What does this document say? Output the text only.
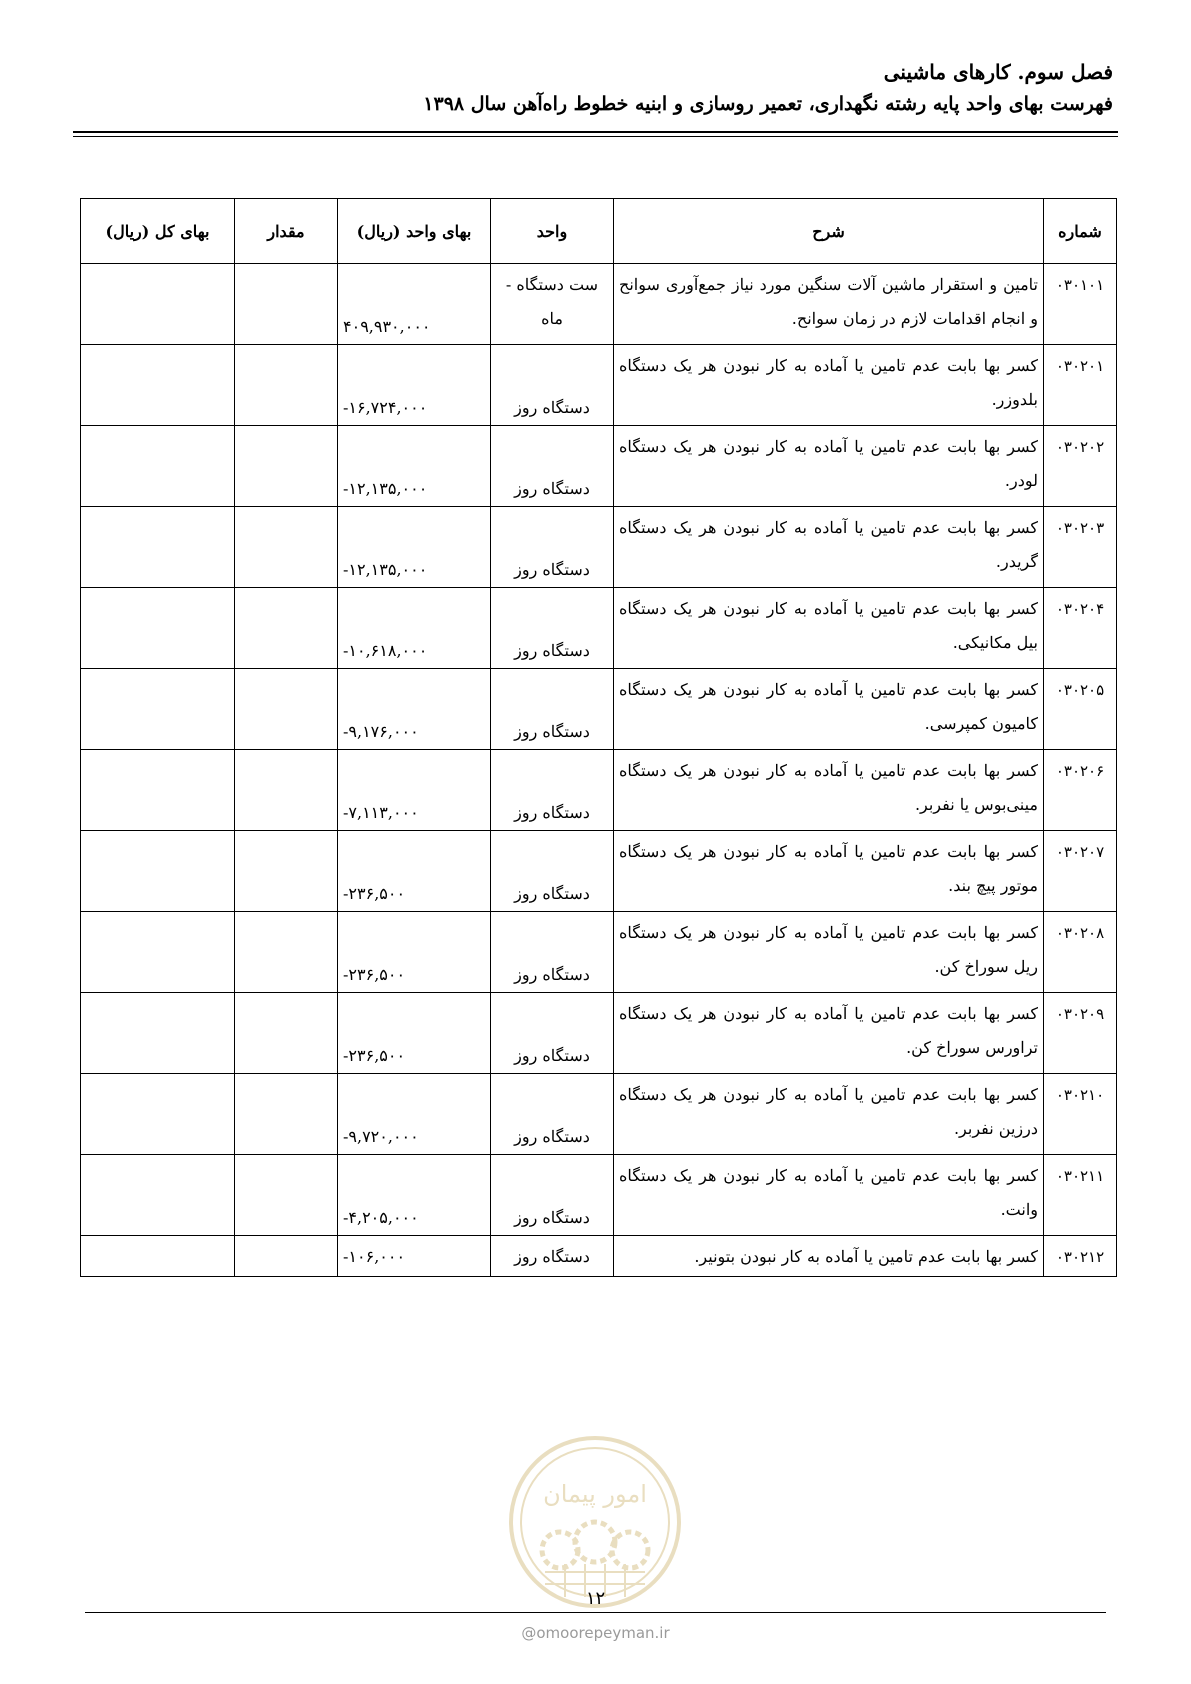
فصل سوم. کارهای ماشینی
فهرست بهای واحد پایه رشته نگهداری، تعمیر روسازی و ابنیه خطوط راه‌آهن سال ۱۳۹۸
شماره	شرح	واحد	بهای واحد (ریال)	مقدار	بهای کل (ریال)
۰۳۰۱۰۱	تامین و استقرار ماشین آلات سنگین مورد نیاز جمع‌آوری سوانح و انجام اقدامات لازم در زمان سوانح.	ست دستگاه - ماه	۴۰۹,۹۳۰,۰۰۰		
۰۳۰۲۰۱	کسر بها بابت عدم تامین یا آماده به کار نبودن هر یک دستگاه بلدوزر.	دستگاه روز	-۱۶,۷۲۴,۰۰۰		
۰۳۰۲۰۲	کسر بها بابت عدم تامین یا آماده به کار نبودن هر یک دستگاه لودر.	دستگاه روز	-۱۲,۱۳۵,۰۰۰		
۰۳۰۲۰۳	کسر بها بابت عدم تامین یا آماده به کار نبودن هر یک دستگاه گریدر.	دستگاه روز	-۱۲,۱۳۵,۰۰۰		
۰۳۰۲۰۴	کسر بها بابت عدم تامین یا آماده به کار نبودن هر یک دستگاه بیل مکانیکی.	دستگاه روز	-۱۰,۶۱۸,۰۰۰		
۰۳۰۲۰۵	کسر بها بابت عدم تامین یا آماده به کار نبودن هر یک دستگاه کامیون کمپرسی.	دستگاه روز	-۹,۱۷۶,۰۰۰		
۰۳۰۲۰۶	کسر بها بابت عدم تامین یا آماده به کار نبودن هر یک دستگاه مینی‌بوس یا نفربر.	دستگاه روز	-۷,۱۱۳,۰۰۰		
۰۳۰۲۰۷	کسر بها بابت عدم تامین یا آماده به کار نبودن هر یک دستگاه موتور پیچ بند.	دستگاه روز	-۲۳۶,۵۰۰		
۰۳۰۲۰۸	کسر بها بابت عدم تامین یا آماده به کار نبودن هر یک دستگاه ریل سوراخ کن.	دستگاه روز	-۲۳۶,۵۰۰		
۰۳۰۲۰۹	کسر بها بابت عدم تامین یا آماده به کار نبودن هر یک دستگاه تراورس سوراخ کن.	دستگاه روز	-۲۳۶,۵۰۰		
۰۳۰۲۱۰	کسر بها بابت عدم تامین یا آماده به کار نبودن هر یک دستگاه درزین نفربر.	دستگاه روز	-۹,۷۲۰,۰۰۰		
۰۳۰۲۱۱	کسر بها بابت عدم تامین یا آماده به کار نبودن هر یک دستگاه وانت.	دستگاه روز	-۴,۲۰۵,۰۰۰		
۰۳۰۲۱۲	کسر بها بابت عدم تامین یا آماده به کار نبودن بتونیر.	دستگاه روز	-۱۰۶,۰۰۰		
امور پیمان
۱۲
@omoorepeyman.ir
